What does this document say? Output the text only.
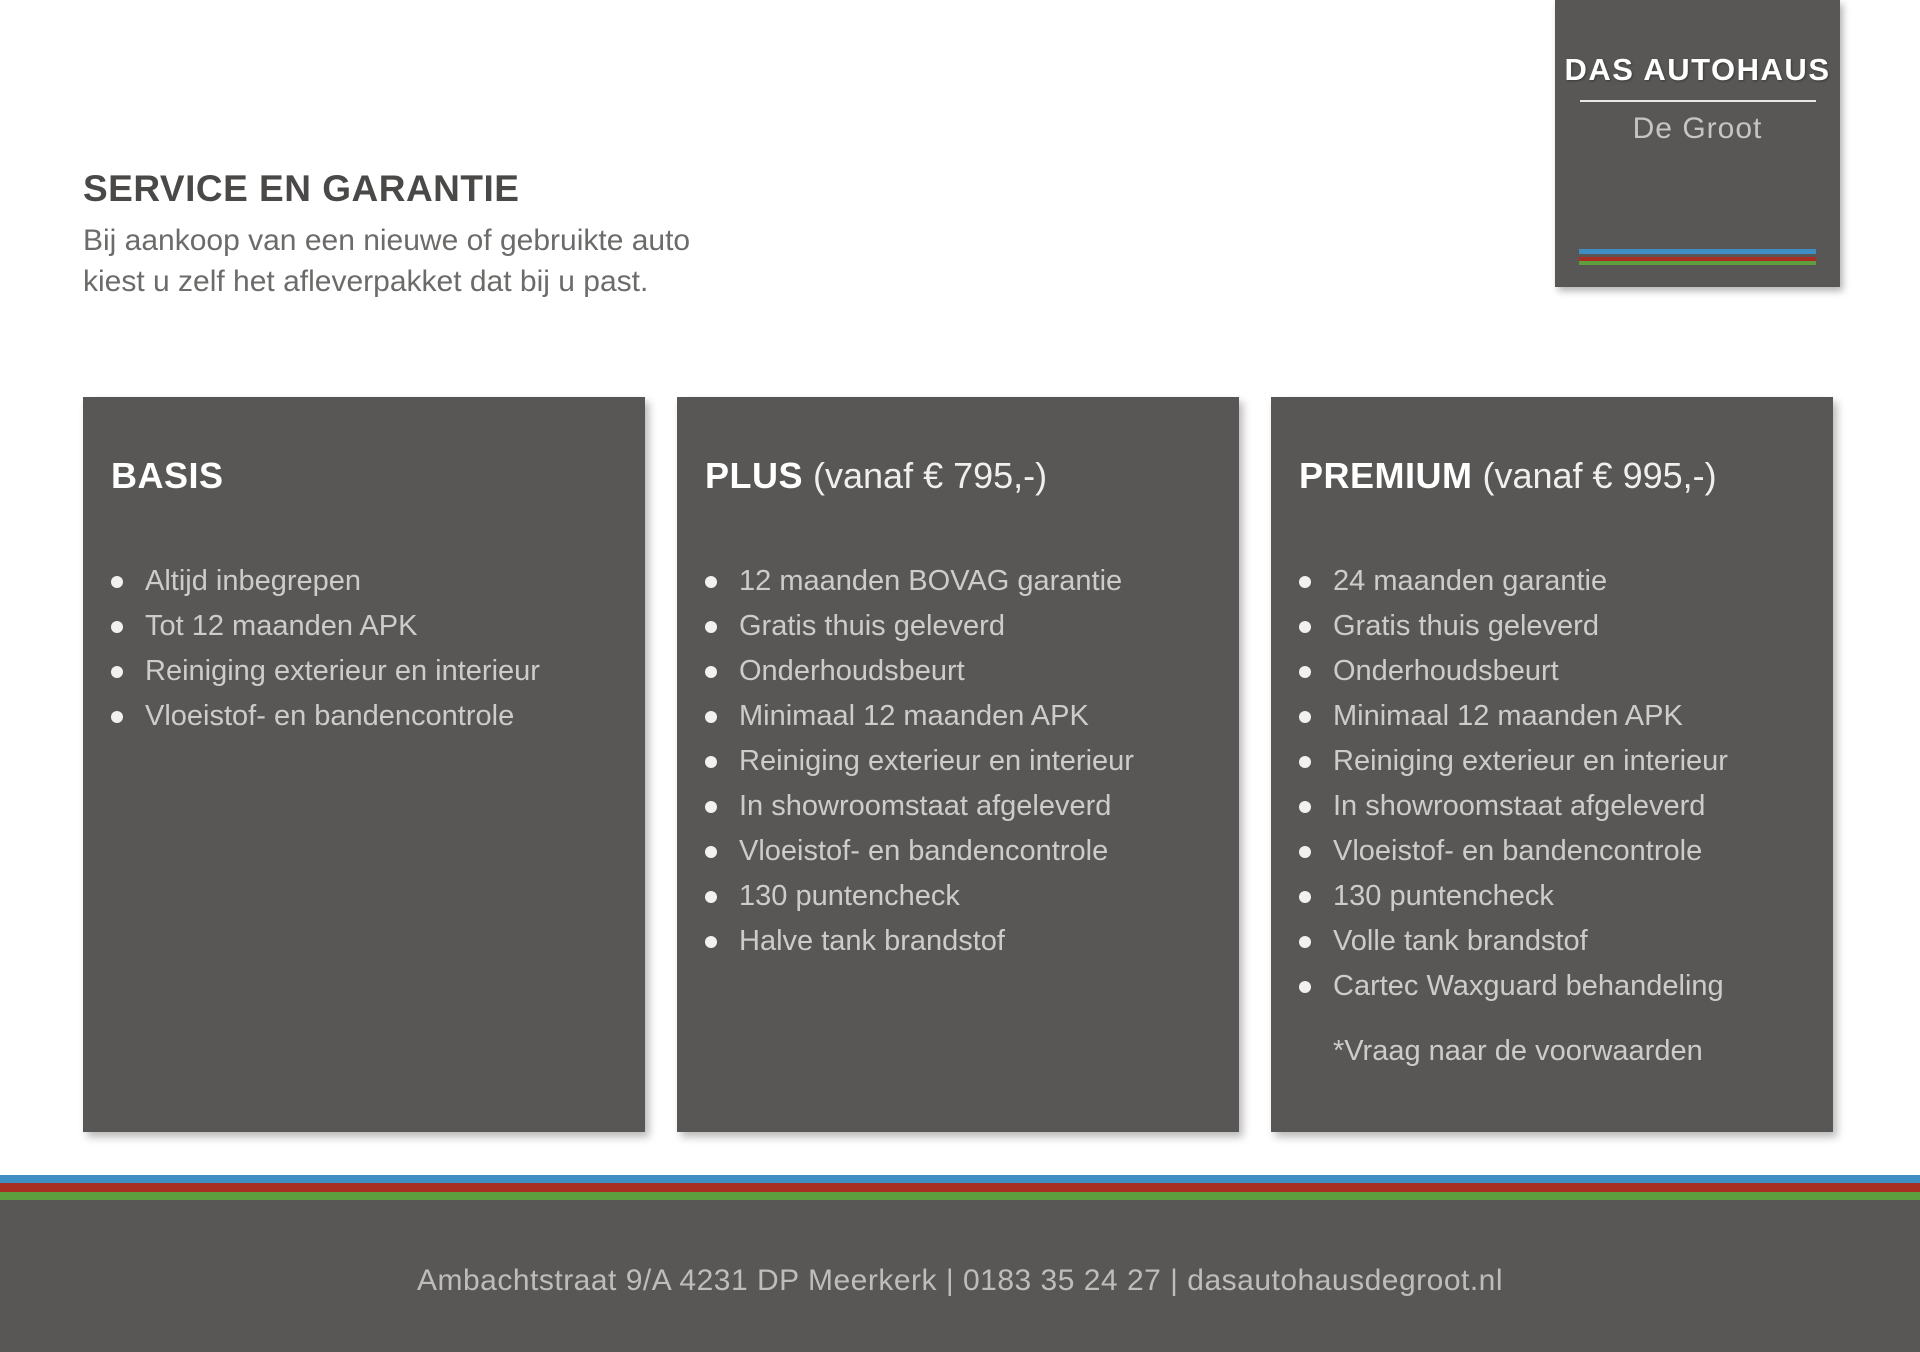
DAS AUTOHAUS
De Groot
SERVICE EN GARANTIE
Bij aankoop van een nieuwe of gebruikte auto
kiest u zelf het afleverpakket dat bij u past.
BASIS
Altijd inbegrepen
Tot 12 maanden APK
Reiniging exterieur en interieur
Vloeistof- en bandencontrole
PLUS (vanaf € 795,-)
12 maanden BOVAG garantie
Gratis thuis geleverd
Onderhoudsbeurt
Minimaal 12 maanden APK
Reiniging exterieur en interieur
In showroomstaat afgeleverd
Vloeistof- en bandencontrole
130 puntencheck
Halve tank brandstof
PREMIUM (vanaf € 995,-)
24 maanden garantie
Gratis thuis geleverd
Onderhoudsbeurt
Minimaal 12 maanden APK
Reiniging exterieur en interieur
In showroomstaat afgeleverd
Vloeistof- en bandencontrole
130 puntencheck
Volle tank brandstof
Cartec Waxguard behandeling
*Vraag naar de voorwaarden
Ambachtstraat 9/A 4231 DP Meerkerk | 0183 35 24 27 | dasautohausdegroot.nl
